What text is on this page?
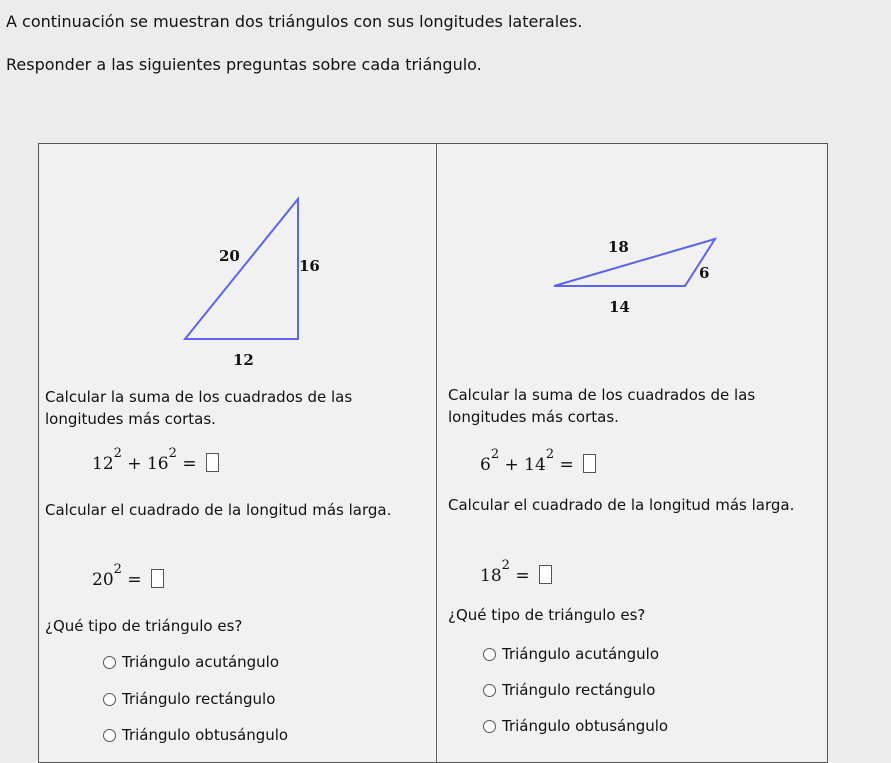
A continuación se muestran dos triángulos con sus longitudes laterales.

Responder a las siguientes preguntas sobre cada triángulo.

20
16
12

Calcular la suma de los cuadrados de las longitudes más cortas.

$12^2 + 16^2$ =

Calcular el cuadrado de la longitud más larga.

$20^2$ =

¿Qué tipo de triángulo es?

Triángulo acutángulo
Triángulo rectángulo
Triángulo obtusángulo
18
6
14

Calcular la suma de los cuadrados de las longitudes más cortas.

$6^2 + 14^2$ =

Calcular el cuadrado de la longitud más larga.

$18^2$ =

¿Qué tipo de triángulo es?

Triángulo acutángulo
Triángulo rectángulo
Triángulo obtusángulo
